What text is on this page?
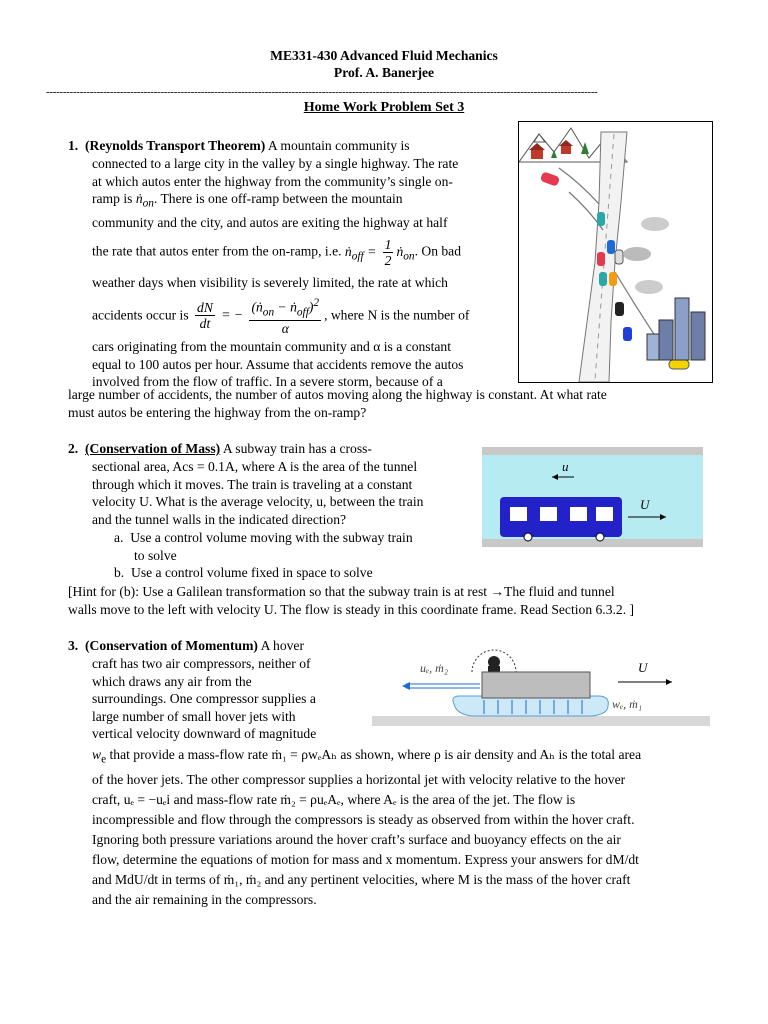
ME331-430 Advanced Fluid Mechanics
Prof. A. Banerjee
--------------------------------------------------------------------------------------------------------------------------------------------------------------------
Home Work Problem Set 3
1. (Reynolds Transport Theorem) A mountain community is
connected to a large city in the valley by a single highway. The rate
at which autos enter the highway from the community’s single on-
ramp is ṅ$_{on}$. There is one off-ramp between the mountain
community and the city, and autos are exiting the highway at half
the rate that autos enter from the on-ramp, i.e. ṅ$_{off}$ = $\frac{1}{2}$ ṅ$_{on}$. On bad
weather days when visibility is severely limited, the rate at which
accidents occur is $\frac{dN}{dt}$ = − $\frac{(ṅ_{on} - ṅ_{off})^2}{\alpha}$ , where N is the number of
cars originating from the mountain community and α is a constant
equal to 100 autos per hour. Assume that accidents remove the autos
involved from the flow of traffic. In a severe storm, because of a
large number of accidents, the number of autos moving along the highway is constant. At what rate
must autos be entering the highway from the on-ramp?
2. (Conservation of Mass) A subway train has a cross-
sectional area, Acs = 0.1A, where A is the area of the tunnel
through which it moves. The train is traveling at a constant
velocity U. What is the average velocity, u, between the train
and the tunnel walls in the indicated direction?
a. Use a control volume moving with the subway train
to solve
b. Use a control volume fixed in space to solve
[Hint for (b): Use a Galilean transformation so that the subway train is at rest →The fluid and tunnel
walls move to the left with velocity U. The flow is steady in this coordinate frame. Read Section 6.3.2. ]
u
U
3. (Conservation of Momentum) A hover
craft has two air compressors, neither of
which draws any air from the
surroundings. One compressor supplies a
large number of small hover jets with
vertical velocity downward of magnitude
$w_e$ that provide a mass-flow rate ṁ₁ = ρwₑAₕ as shown, where ρ is air density and Aₕ is the total area
of the hover jets. The other compressor supplies a horizontal jet with velocity relative to the hover
craft, uₑ = −uₑi and mass-flow rate ṁ₂ = ρuₑAₑ, where Aₑ is the area of the jet. The flow is
incompressible and flow through the compressors is steady as observed from within the hover craft.
Ignoring both pressure variations around the hover craft’s surface and buoyancy effects on the air
flow, determine the equations of motion for mass and x momentum. Express your answers for dM/dt
and MdU/dt in terms of ṁ₁, ṁ₂ and any pertinent velocities, where M is the mass of the hover craft
and the air remaining in the compressors.
uₑ, ṁ₂	U
wₑ, ṁ₁
